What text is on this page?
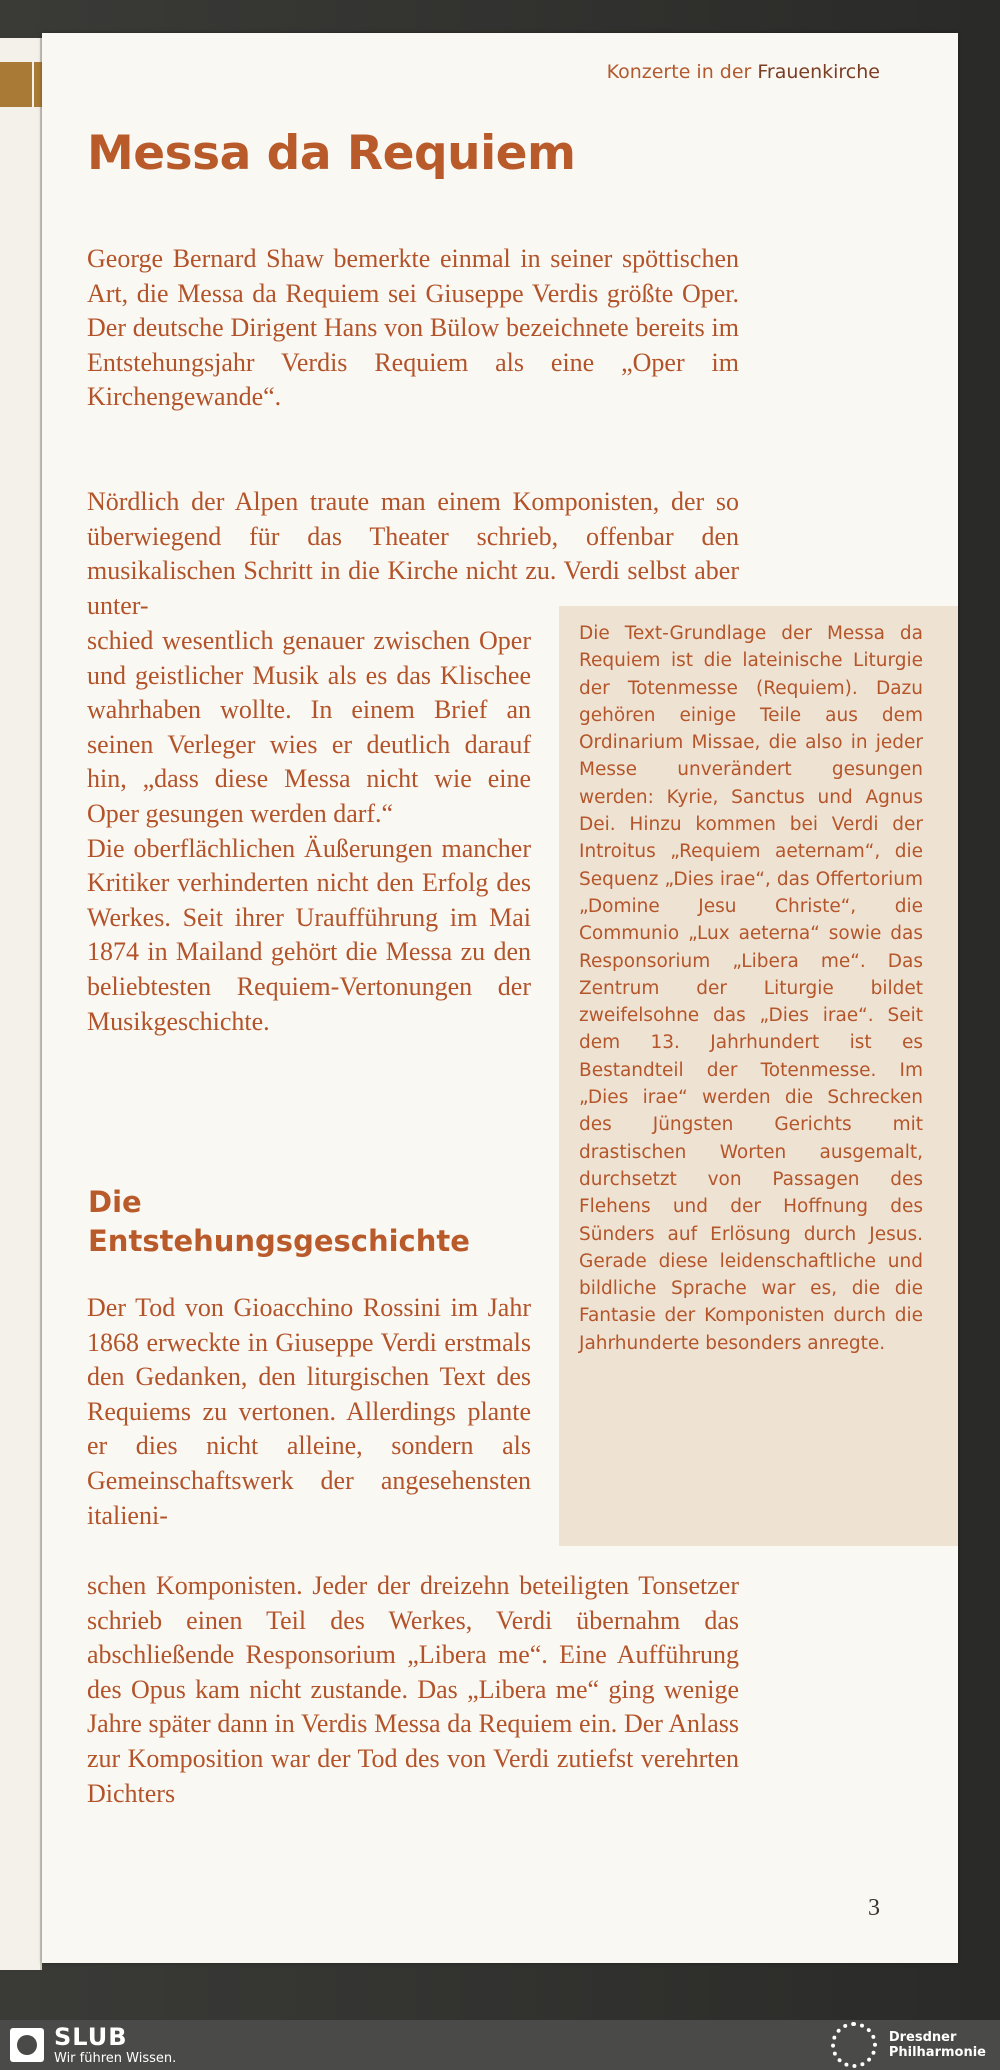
Konzerte in der Frauenkirche

Messa da Requiem

George Bernard Shaw bemerkte einmal in seiner spöttischen Art, die Messa da Requiem sei Giuseppe Verdis größte Oper. Der deutsche Dirigent Hans von Bülow bezeichnete bereits im Entstehungsjahr Verdis Requiem als eine „Oper im Kirchengewande“.

Nördlich der Alpen traute man einem Komponisten, der so überwiegend für das Theater schrieb, offenbar den musikalischen Schritt in die Kirche nicht zu. Verdi selbst aber unter-

schied wesentlich genauer zwischen Oper und geistlicher Musik als es das Klischee wahrhaben wollte. In einem Brief an seinen Verleger wies er deutlich darauf hin, „dass diese Messa nicht wie eine Oper gesungen werden darf.“
Die oberflächlichen Äußerungen mancher Kritiker verhinderten nicht den Erfolg des Werkes. Seit ihrer Uraufführung im Mai 1874 in Mailand gehört die Messa zu den beliebtesten Requiem-Vertonungen der Musikgeschichte.

Die Entstehungsgeschichte

Der Tod von Gioacchino Rossini im Jahr 1868 erweckte in Giuseppe Verdi erstmals den Gedanken, den liturgischen Text des Requiems zu vertonen. Allerdings plante er dies nicht alleine, sondern als Gemeinschaftswerk der angesehensten italieni-

schen Komponisten. Jeder der dreizehn beteiligten Tonsetzer schrieb einen Teil des Werkes, Verdi übernahm das abschließende Responsorium „Libera me“. Eine Aufführung des Opus kam nicht zustande. Das „Libera me“ ging wenige Jahre später dann in Verdis Messa da Requiem ein. Der Anlass zur Komposition war der Tod des von Verdi zutiefst verehrten Dichters

Die Text-Grundlage der Messa da Requiem ist die lateinische Liturgie der Totenmesse (Requiem). Dazu gehören einige Teile aus dem Ordinarium Missae, die also in jeder Messe unverändert gesungen werden: Kyrie, Sanctus und Agnus Dei. Hinzu kommen bei Verdi der Introitus „Requiem aeternam“, die Sequenz „Dies irae“, das Offertorium „Domine Jesu Christe“, die Communio „Lux aeterna“ sowie das Responsorium „Libera me“. Das Zentrum der Liturgie bildet zweifelsohne das „Dies irae“. Seit dem 13. Jahrhundert ist es Bestandteil der Totenmesse. Im „Dies irae“ werden die Schrecken des Jüngsten Gerichts mit drastischen Worten ausgemalt, durchsetzt von Passagen des Flehens und der Hoffnung des Sünders auf Erlösung durch Jesus. Gerade diese leidenschaftliche und bildliche Sprache war es, die die Fantasie der Komponisten durch die Jahrhunderte besonders anregte.

3

SLUB
Wir führen Wissen.
Dresdner
Philharmonie
